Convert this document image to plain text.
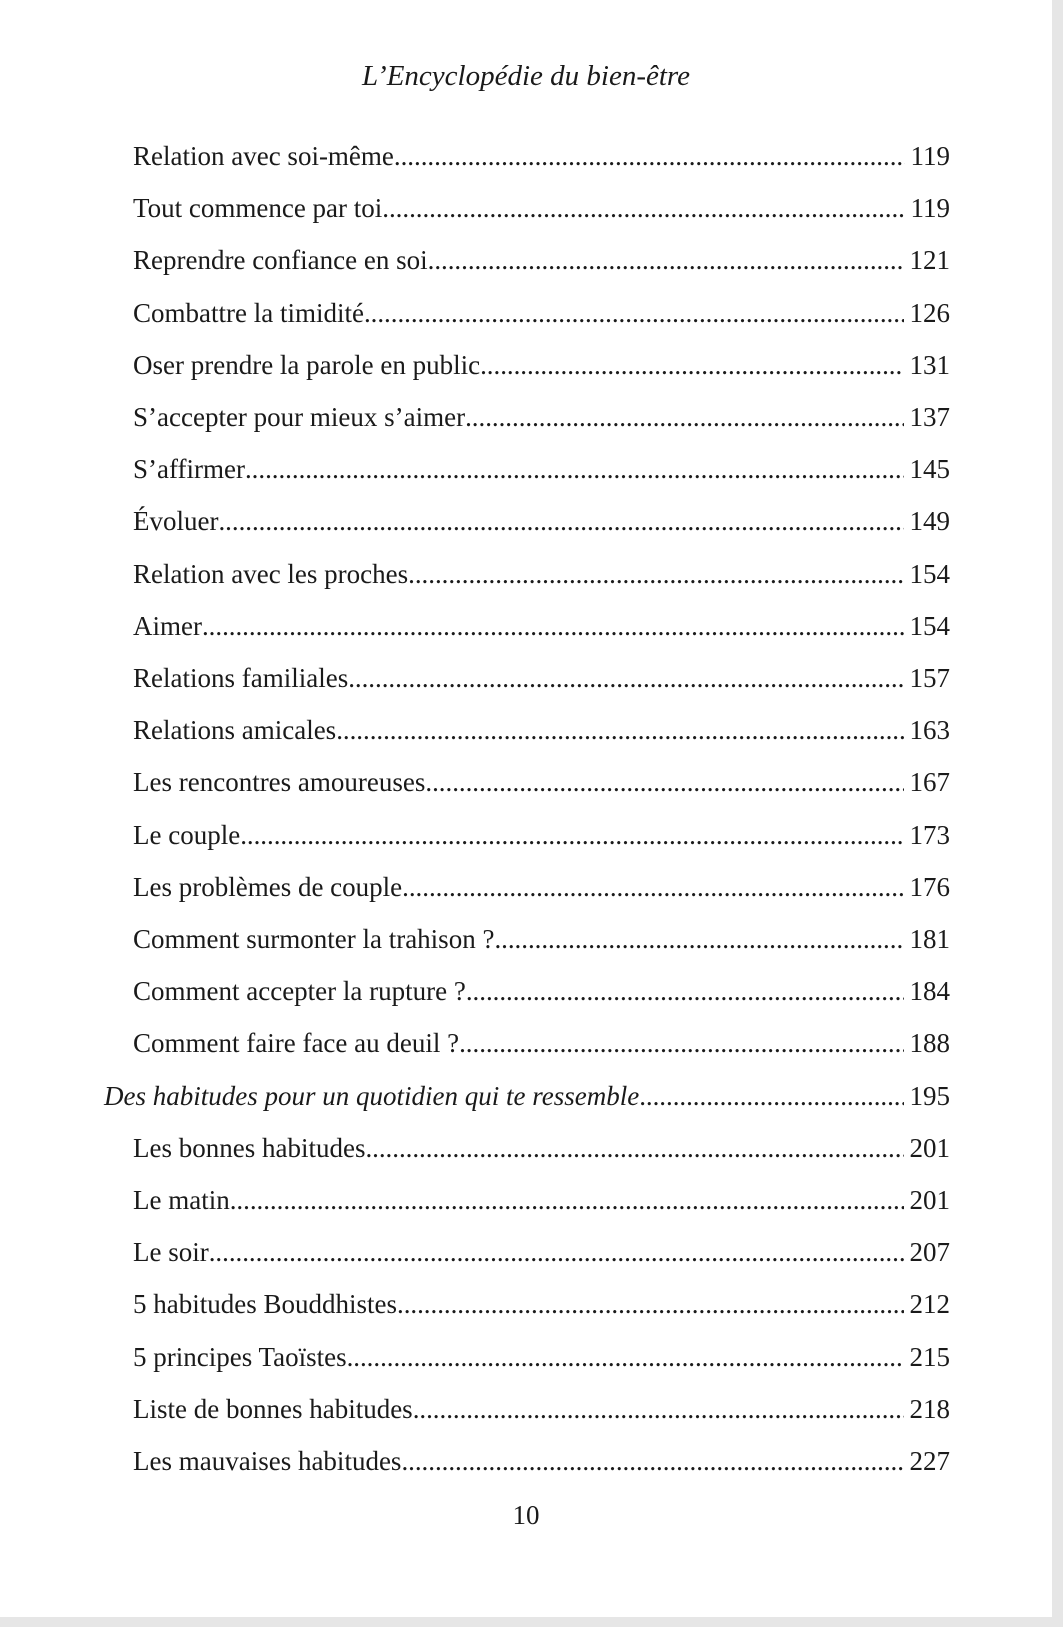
L’Encyclopédie du bien-être
Relation avec soi-même . . .	119
Tout commence par toi . . .	119
Reprendre confiance en soi . . .	121
Combattre la timidité . . .	126
Oser prendre la parole en public . . .	131
S’accepter pour mieux s’aimer . . .	137
S’affirmer . . .	145
Évoluer . . .	149
Relation avec les proches . . .	154
Aimer . . .	154
Relations familiales . . .	157
Relations amicales . . .	163
Les rencontres amoureuses . . .	167
Le couple . . .	173
Les problèmes de couple . . .	176
Comment surmonter la trahison ? . . .	181
Comment accepter la rupture ? . . .	184
Comment faire face au deuil ? . . .	188
Des habitudes pour un quotidien qui te ressemble . . .	195
Les bonnes habitudes . . .	201
Le matin . . .	201
Le soir . . .	207
5 habitudes Bouddhistes . . .	212
5 principes Taoïstes . . .	215
Liste de bonnes habitudes . . .	218
Les mauvaises habitudes . . .	227
10
